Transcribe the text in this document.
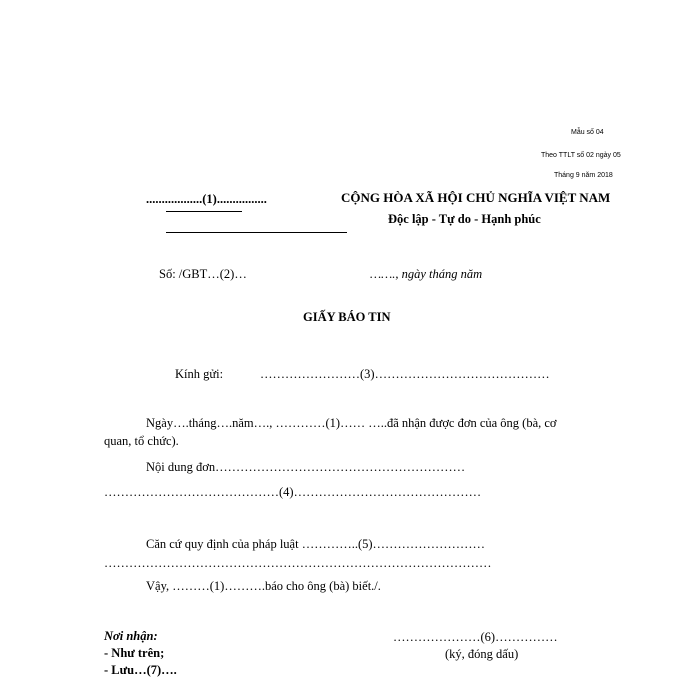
Mẫu số 04
Theo TTLT số 02 ngày 05
Tháng 9 năm 2018
..................(1)................	CỘNG HÒA XÃ HỘI CHỦ NGHĨA VIỆT NAM
Độc lập - Tự do - Hạnh phúc
Số: /GBT…(2)…	……., ngày tháng năm
GIẤY BÁO TIN
Kính gửi:	……………………(3)……………………………………
Ngày….tháng….năm…., …………(1)…… …..đã nhận được đơn của ông (bà, cơ
quan, tổ chức).
Nội dung đơn……………………………………………………
……………………………………(4)………………………………………
Căn cứ quy định của pháp luật …………..(5)………………………
…………………………………………………………………………………
Vậy, ………(1)……….báo cho ông (bà) biết./.
Nơi nhận:
- Như trên;
- Lưu…(7)….
…………………(6)……………
(ký, đóng dấu)
